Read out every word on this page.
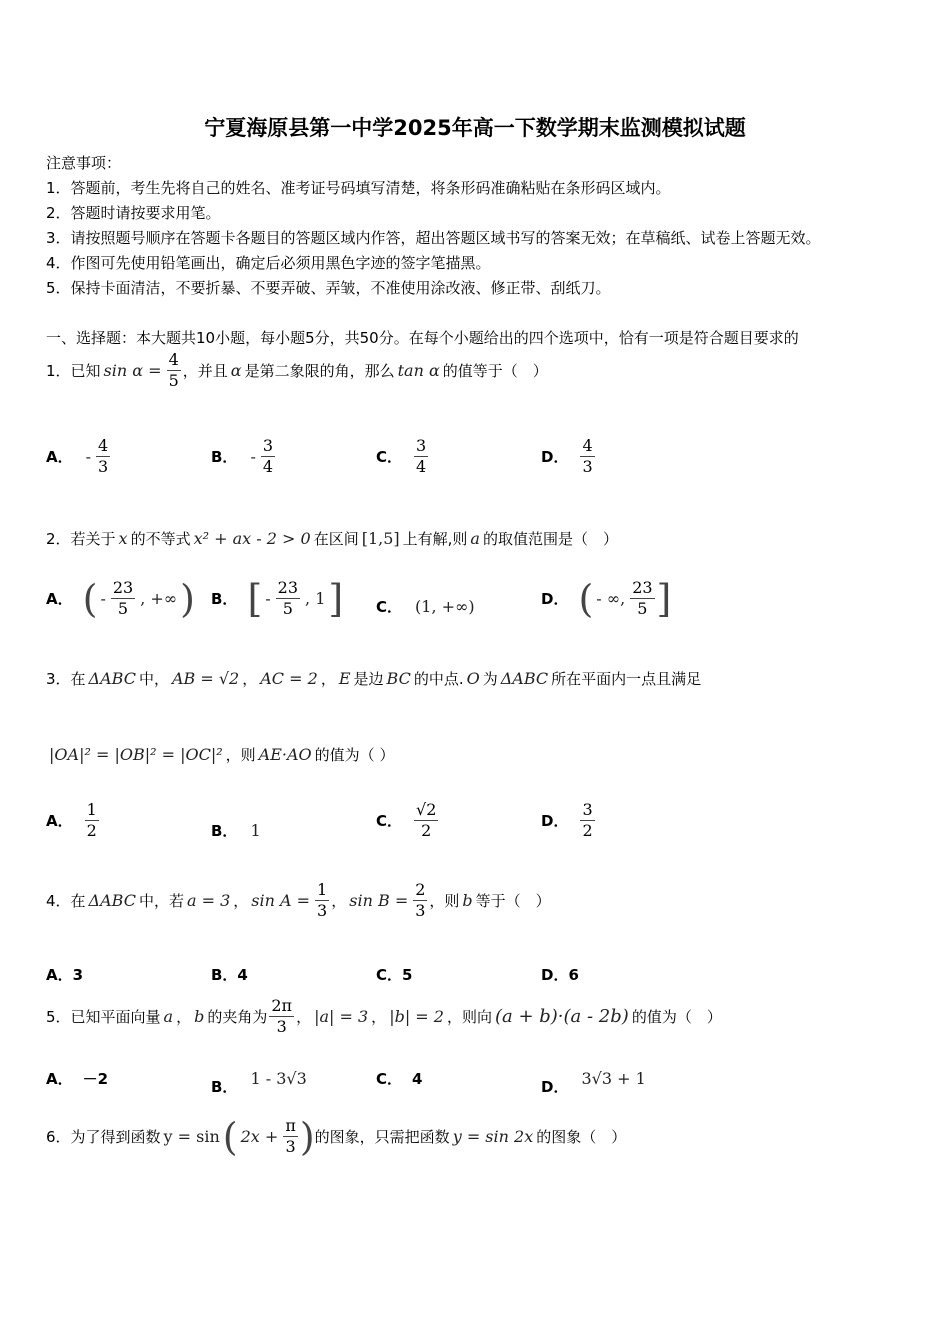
宁夏海原县第一中学2025年高一下数学期末监测模拟试题
注意事项：
1．答题前，考生先将自己的姓名、准考证号码填写清楚，将条形码准确粘贴在条形码区域内。
2．答题时请按要求用笔。
3．请按照题号顺序在答题卡各题目的答题区域内作答，超出答题区域书写的答案无效；在草稿纸、试卷上答题无效。
4．作图可先使用铅笔画出，确定后必须用黑色字迹的签字笔描黑。
5．保持卡面清洁，不要折暴、不要弄破、弄皱，不准使用涂改液、修正带、刮纸刀。
一、选择题：本大题共10小题，每小题5分，共50分。在每个小题给出的四个选项中，恰有一项是符合题目要求的
1．已知 $\sin \alpha = \frac{4}{5}$ ，并且 α 是第二象限的角，那么 tan α 的值等于（　）
A． - $\frac{4}{3}$	B． - $\frac{3}{4}$	C． $\frac{3}{4}$	D． $\frac{4}{3}$
2．若关于 x 的不等式 x² + ax - 2 > 0 在区间 [1,5] 上有解,则 a 的取值范围是（　）
A． ( - $\frac{23}{5}$ , +∞ ) B． [ - $\frac{23}{5}$ , 1 ] C． (1, +∞)	D． ( - ∞, $\frac{23}{5}$ ]
3．在 ΔABC 中， AB = √2 ， AC = 2 ， E 是边 BC 的中点. O 为 ΔABC 所在平面内一点且满足
|OA|² = |OB|² = |OC|² ，则 AE·AO 的值为（ ）
A． $\frac{1}{2}$	B． 1	C． $\frac{√2}{2}$	D． $\frac{3}{2}$
4．在 ΔABC 中，若 a = 3 ， $\sin A = \frac{1}{3}$ ， $\sin B = \frac{2}{3}$ ，则 b 等于（　）
A．3	B．4	C．5	D．6
5．已知平面向量 a ， b 的夹角为 $\frac{2\pi}{3}$ ， |a| = 3 ， |b| = 2 ，则向 (a + b)·(a - 2b) 的值为（　）
A． －2	B． 1 - 3√3	C． 4	D． 3√3 + 1
6．为了得到函数 y = sin ( $2x + \frac{\pi}{3}$ ) 的图象，只需把函数 y = sin 2x 的图象（　）
